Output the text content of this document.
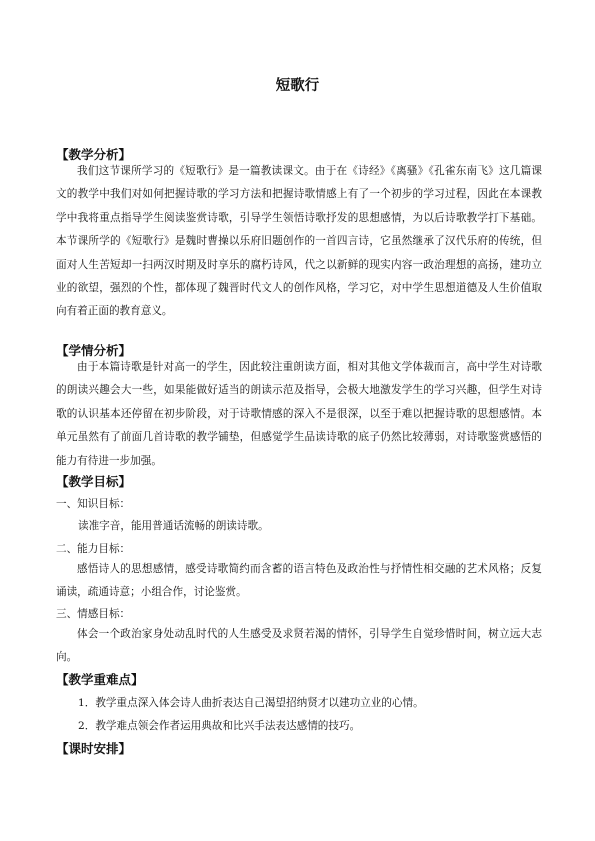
短歌行
【教学分析】
我们这节课所学习的《短歌行》是一篇教读课文。由于在《诗经》《离骚》《孔雀东南飞》这几篇课文的教学中我们对如何把握诗歌的学习方法和把握诗歌情感上有了一个初步的学习过程，因此在本课教学中我将重点指导学生阅读鉴赏诗歌，引导学生领悟诗歌抒发的思想感情，为以后诗歌教学打下基础。本节课所学的《短歌行》是魏时曹操以乐府旧题创作的一首四言诗，它虽然继承了汉代乐府的传统，但面对人生苦短却一扫两汉时期及时享乐的腐朽诗风，代之以新鲜的现实内容一政治理想的高扬，建功立业的欲望，强烈的个性，都体现了魏晋时代文人的创作风格，学习它，对中学生思想道德及人生价值取向有着正面的教育意义。
【学情分析】
由于本篇诗歌是针对高一的学生，因此较注重朗读方面，相对其他文学体裁而言，高中学生对诗歌的朗读兴趣会大一些，如果能做好适当的朗读示范及指导，会极大地激发学生的学习兴趣，但学生对诗歌的认识基本还停留在初步阶段，对于诗歌情感的深入不是很深，以至于难以把握诗歌的思想感情。本单元虽然有了前面几首诗歌的教学铺垫，但感觉学生品读诗歌的底子仍然比较薄弱，对诗歌鉴赏感悟的能力有待进一步加强。
【教学目标】
一、知识目标：
读准字音，能用普通话流畅的朗读诗歌。
二、能力目标：
感悟诗人的思想感情，感受诗歌简约而含蓄的语言特色及政治性与抒情性相交融的艺术风格；反复诵读，疏通诗意；小组合作，讨论鉴赏。
三、情感目标：
体会一个政治家身处动乱时代的人生感受及求贤若渴的情怀，引导学生自觉珍惜时间，树立远大志向。
【教学重难点】
1．教学重点深入体会诗人曲折表达自己渴望招纳贤才以建功立业的心情。
2．教学难点领会作者运用典故和比兴手法表达感情的技巧。
【课时安排】
